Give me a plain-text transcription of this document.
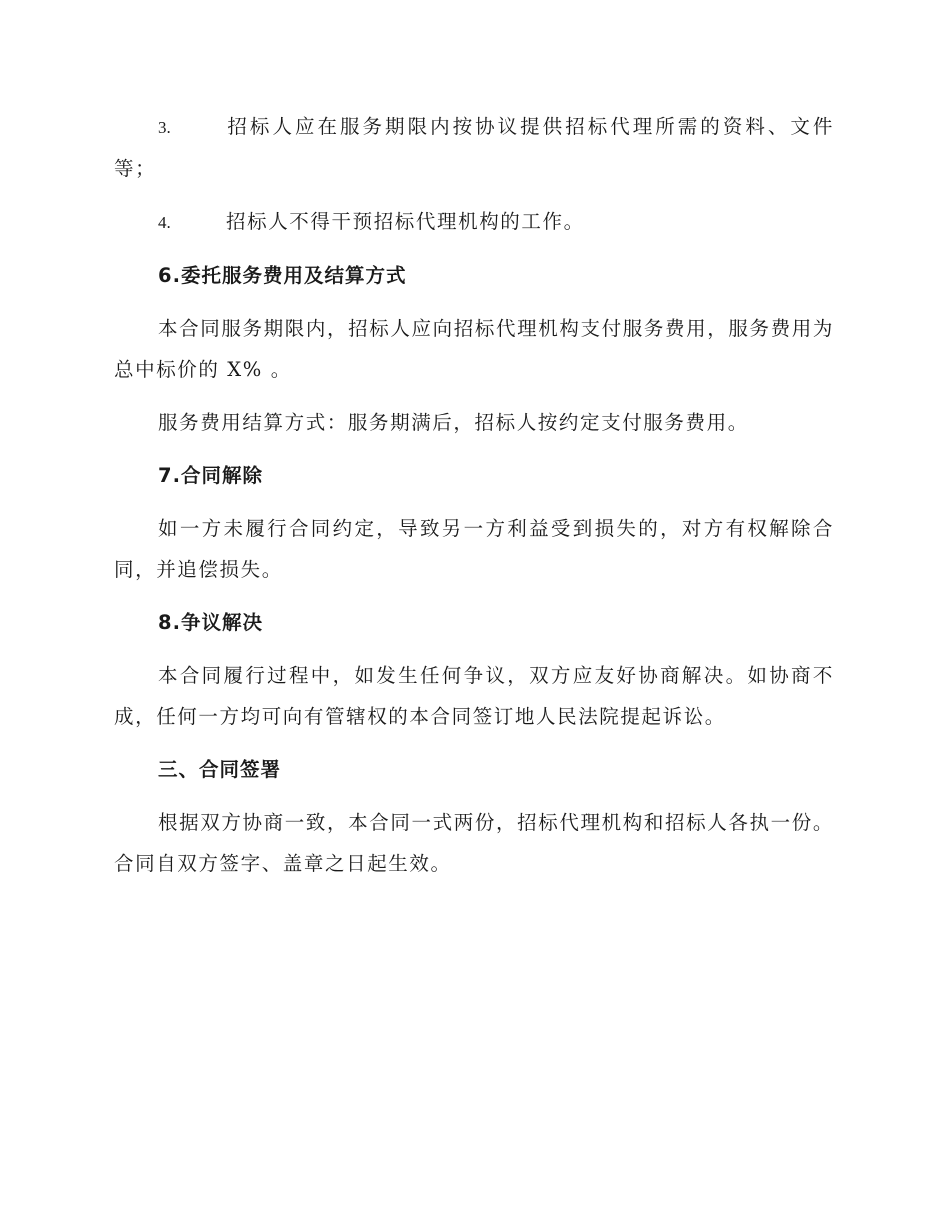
3.	招标人应在服务期限内按协议提供招标代理所需的资料、文件等；

4.	招标人不得干预招标代理机构的工作。

6.委托服务费用及结算方式

本合同服务期限内，招标人应向招标代理机构支付服务费用，服务费用为总中标价的 X% 。

服务费用结算方式：服务期满后，招标人按约定支付服务费用。

7.合同解除

如一方未履行合同约定，导致另一方利益受到损失的，对方有权解除合同，并追偿损失。

8.争议解决

本合同履行过程中，如发生任何争议，双方应友好协商解决。如协商不成，任何一方均可向有管辖权的本合同签订地人民法院提起诉讼。

三、合同签署

根据双方协商一致，本合同一式两份，招标代理机构和招标人各执一份。合同自双方签字、盖章之日起生效。
